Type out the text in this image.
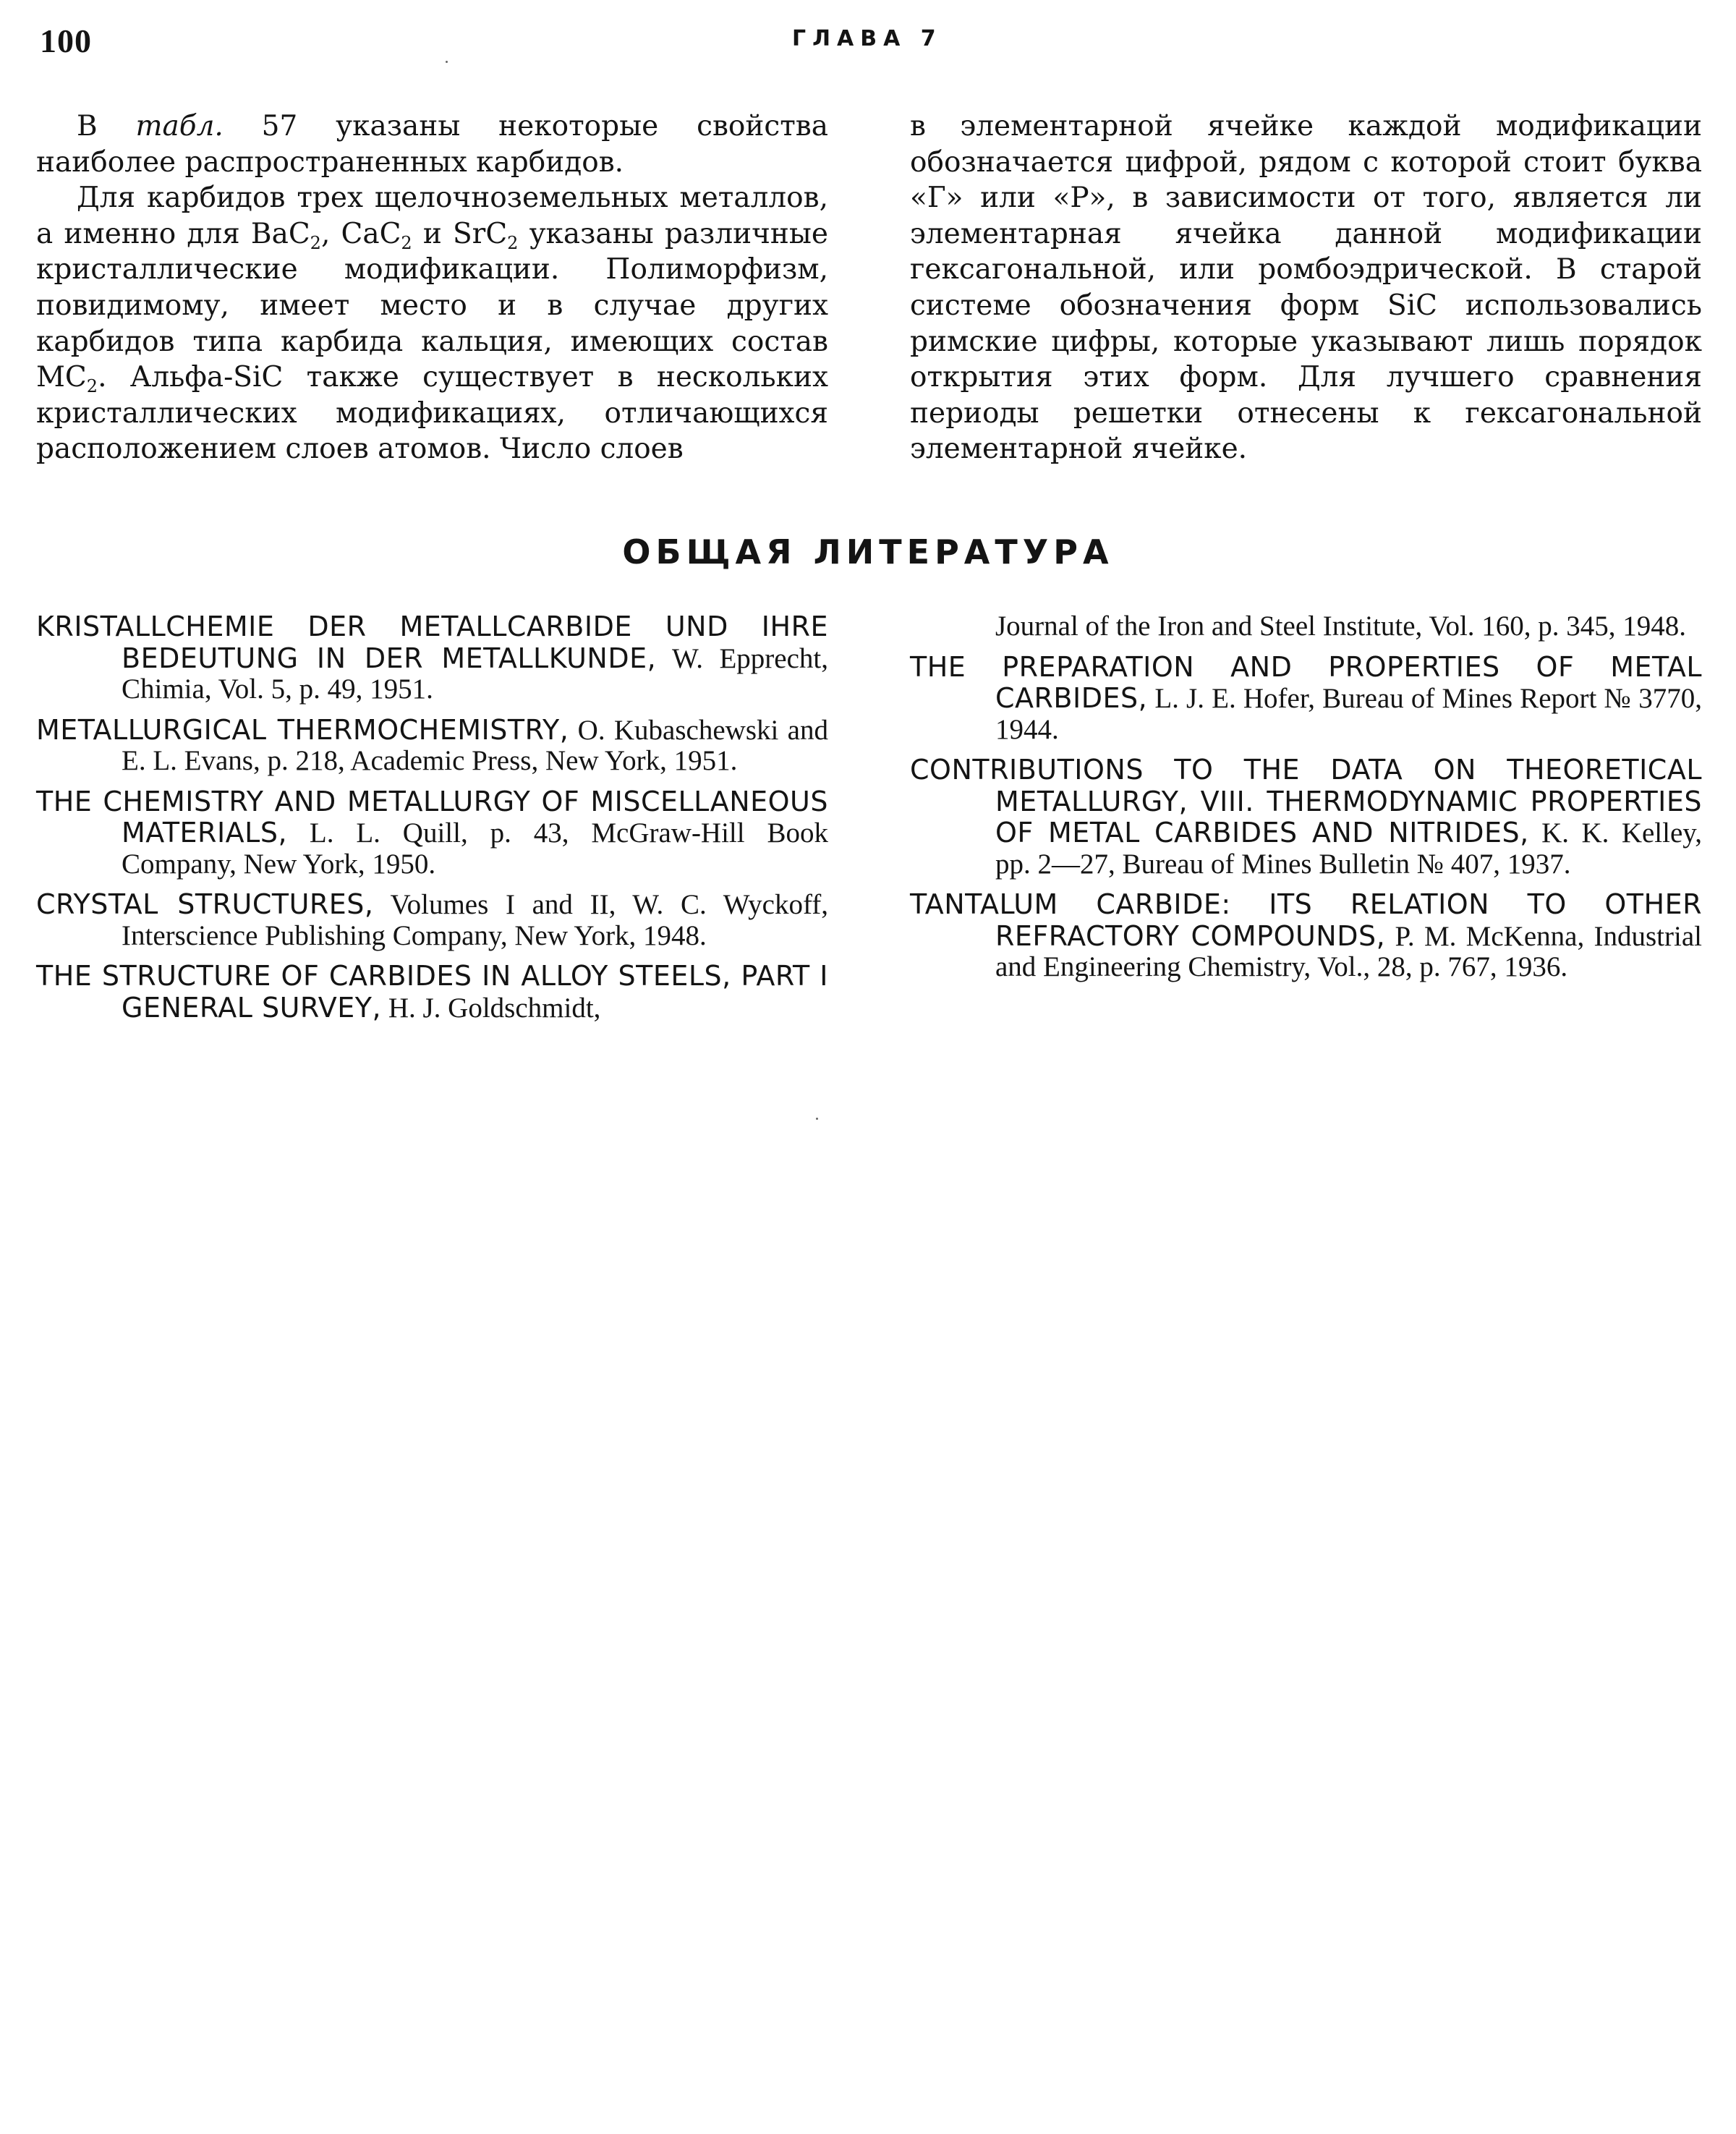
100	ГЛАВА 7

В табл. 57 указаны некоторые свойства наиболее распространенных карбидов.

Для карбидов трех щелочноземельных металлов, а именно для BaC$_2$, CaC$_2$ и SrC$_2$ указаны различные кристаллические модификации. Полиморфизм, повидимому, имеет место и в случае других карбидов типа карбида кальция, имеющих состав $MC_2$. Альфа-SiC также существует в нескольких кристаллических модификациях, отличающихся расположением слоев атомов. Число слоев

в элементарной ячейке каждой модификации обозначается цифрой, рядом с которой стоит буква «Г» или «Р», в зависимости от того, является ли элементарная ячейка данной модификации гексагональной, или ромбоэдрической. В старой системе обозначения форм SiC использовались римские цифры, которые указывают лишь порядок открытия этих форм. Для лучшего сравнения периоды решетки отнесены к гексагональной элементарной ячейке.

ОБЩАЯ ЛИТЕРАТУРА
KRISTALLCHEMIE DER METALLCARBIDE UND IHRE BEDEUTUNG IN DER METALLKUNDE, W. Epprecht, Chimia, Vol. 5, p. 49, 1951.
METALLURGICAL THERMOCHEMISTRY, O. Kubaschewski and E. L. Evans, p. 218, Academic Press, New York, 1951.
THE CHEMISTRY AND METALLURGY OF MISCELLANEOUS MATERIALS, L. L. Quill, p. 43, McGraw-Hill Book Company, New York, 1950.
CRYSTAL STRUCTURES, Volumes I and II, W. C. Wyckoff, Interscience Publishing Company, New York, 1948.
THE STRUCTURE OF CARBIDES IN ALLOY STEELS, PART I GENERAL SURVEY, H. J. Goldschmidt,
Journal of the Iron and Steel Institute, Vol. 160, p. 345, 1948.
THE PREPARATION AND PROPERTIES OF METAL CARBIDES, L. J. E. Hofer, Bureau of Mines Report № 3770, 1944.
CONTRIBUTIONS TO THE DATA ON THEORETICAL METALLURGY, VIII. THERMODYNAMIC PROPERTIES OF METAL CARBIDES AND NITRIDES, K. K. Kelley, pp. 2—27, Bureau of Mines Bulletin № 407, 1937.
TANTALUM CARBIDE: ITS RELATION TO OTHER REFRACTORY COMPOUNDS, P. M. McKenna, Industrial and Engineering Chemistry, Vol., 28, p. 767, 1936.
